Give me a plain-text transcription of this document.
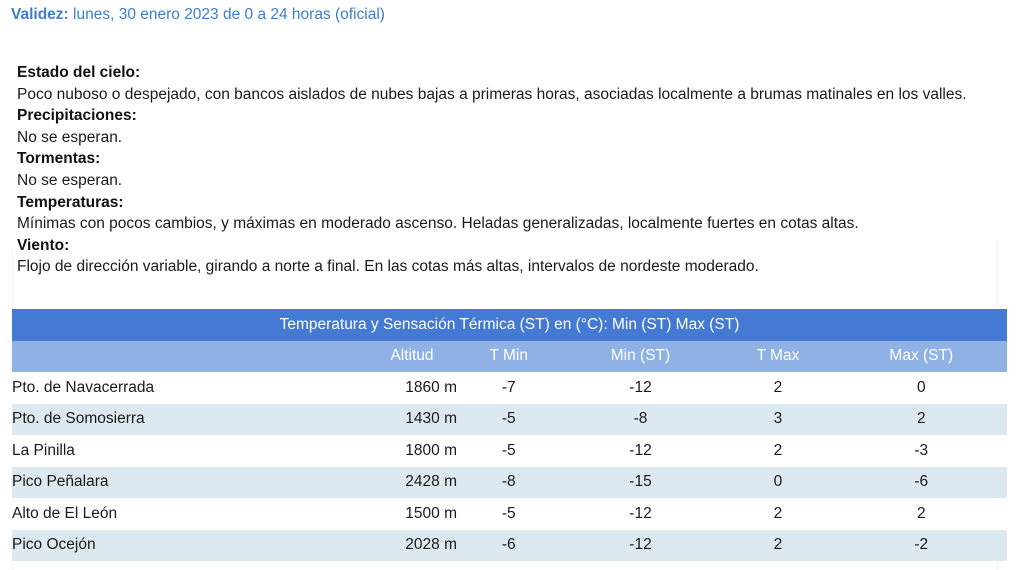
Validez: lunes, 30 enero 2023 de 0 a 24 horas (oficial)
Estado del cielo:
Poco nuboso o despejado, con bancos aislados de nubes bajas a primeras horas, asociadas localmente a brumas matinales en los valles.
Precipitaciones:
No se esperan.
Tormentas:
No se esperan.
Temperaturas:
Mínimas con pocos cambios, y máximas en moderado ascenso. Heladas generalizadas, localmente fuertes en cotas altas.
Viento:
Flojo de dirección variable, girando a norte a final. En las cotas más altas, intervalos de nordeste moderado.
Temperatura y Sensación Térmica (ST) en (°C): Min (ST) Max (ST)					
	Altitud	T Min	Min (ST)	T Max	Max (ST)
Pto. de Navacerrada	1860 m	-7	-12	2	0
Pto. de Somosierra	1430 m	-5	-8	3	2
La Pinilla	1800 m	-5	-12	2	-3
Pico Peñalara	2428 m	-8	-15	0	-6
Alto de El León	1500 m	-5	-12	2	2
Pico Ocejón	2028 m	-6	-12	2	-2
